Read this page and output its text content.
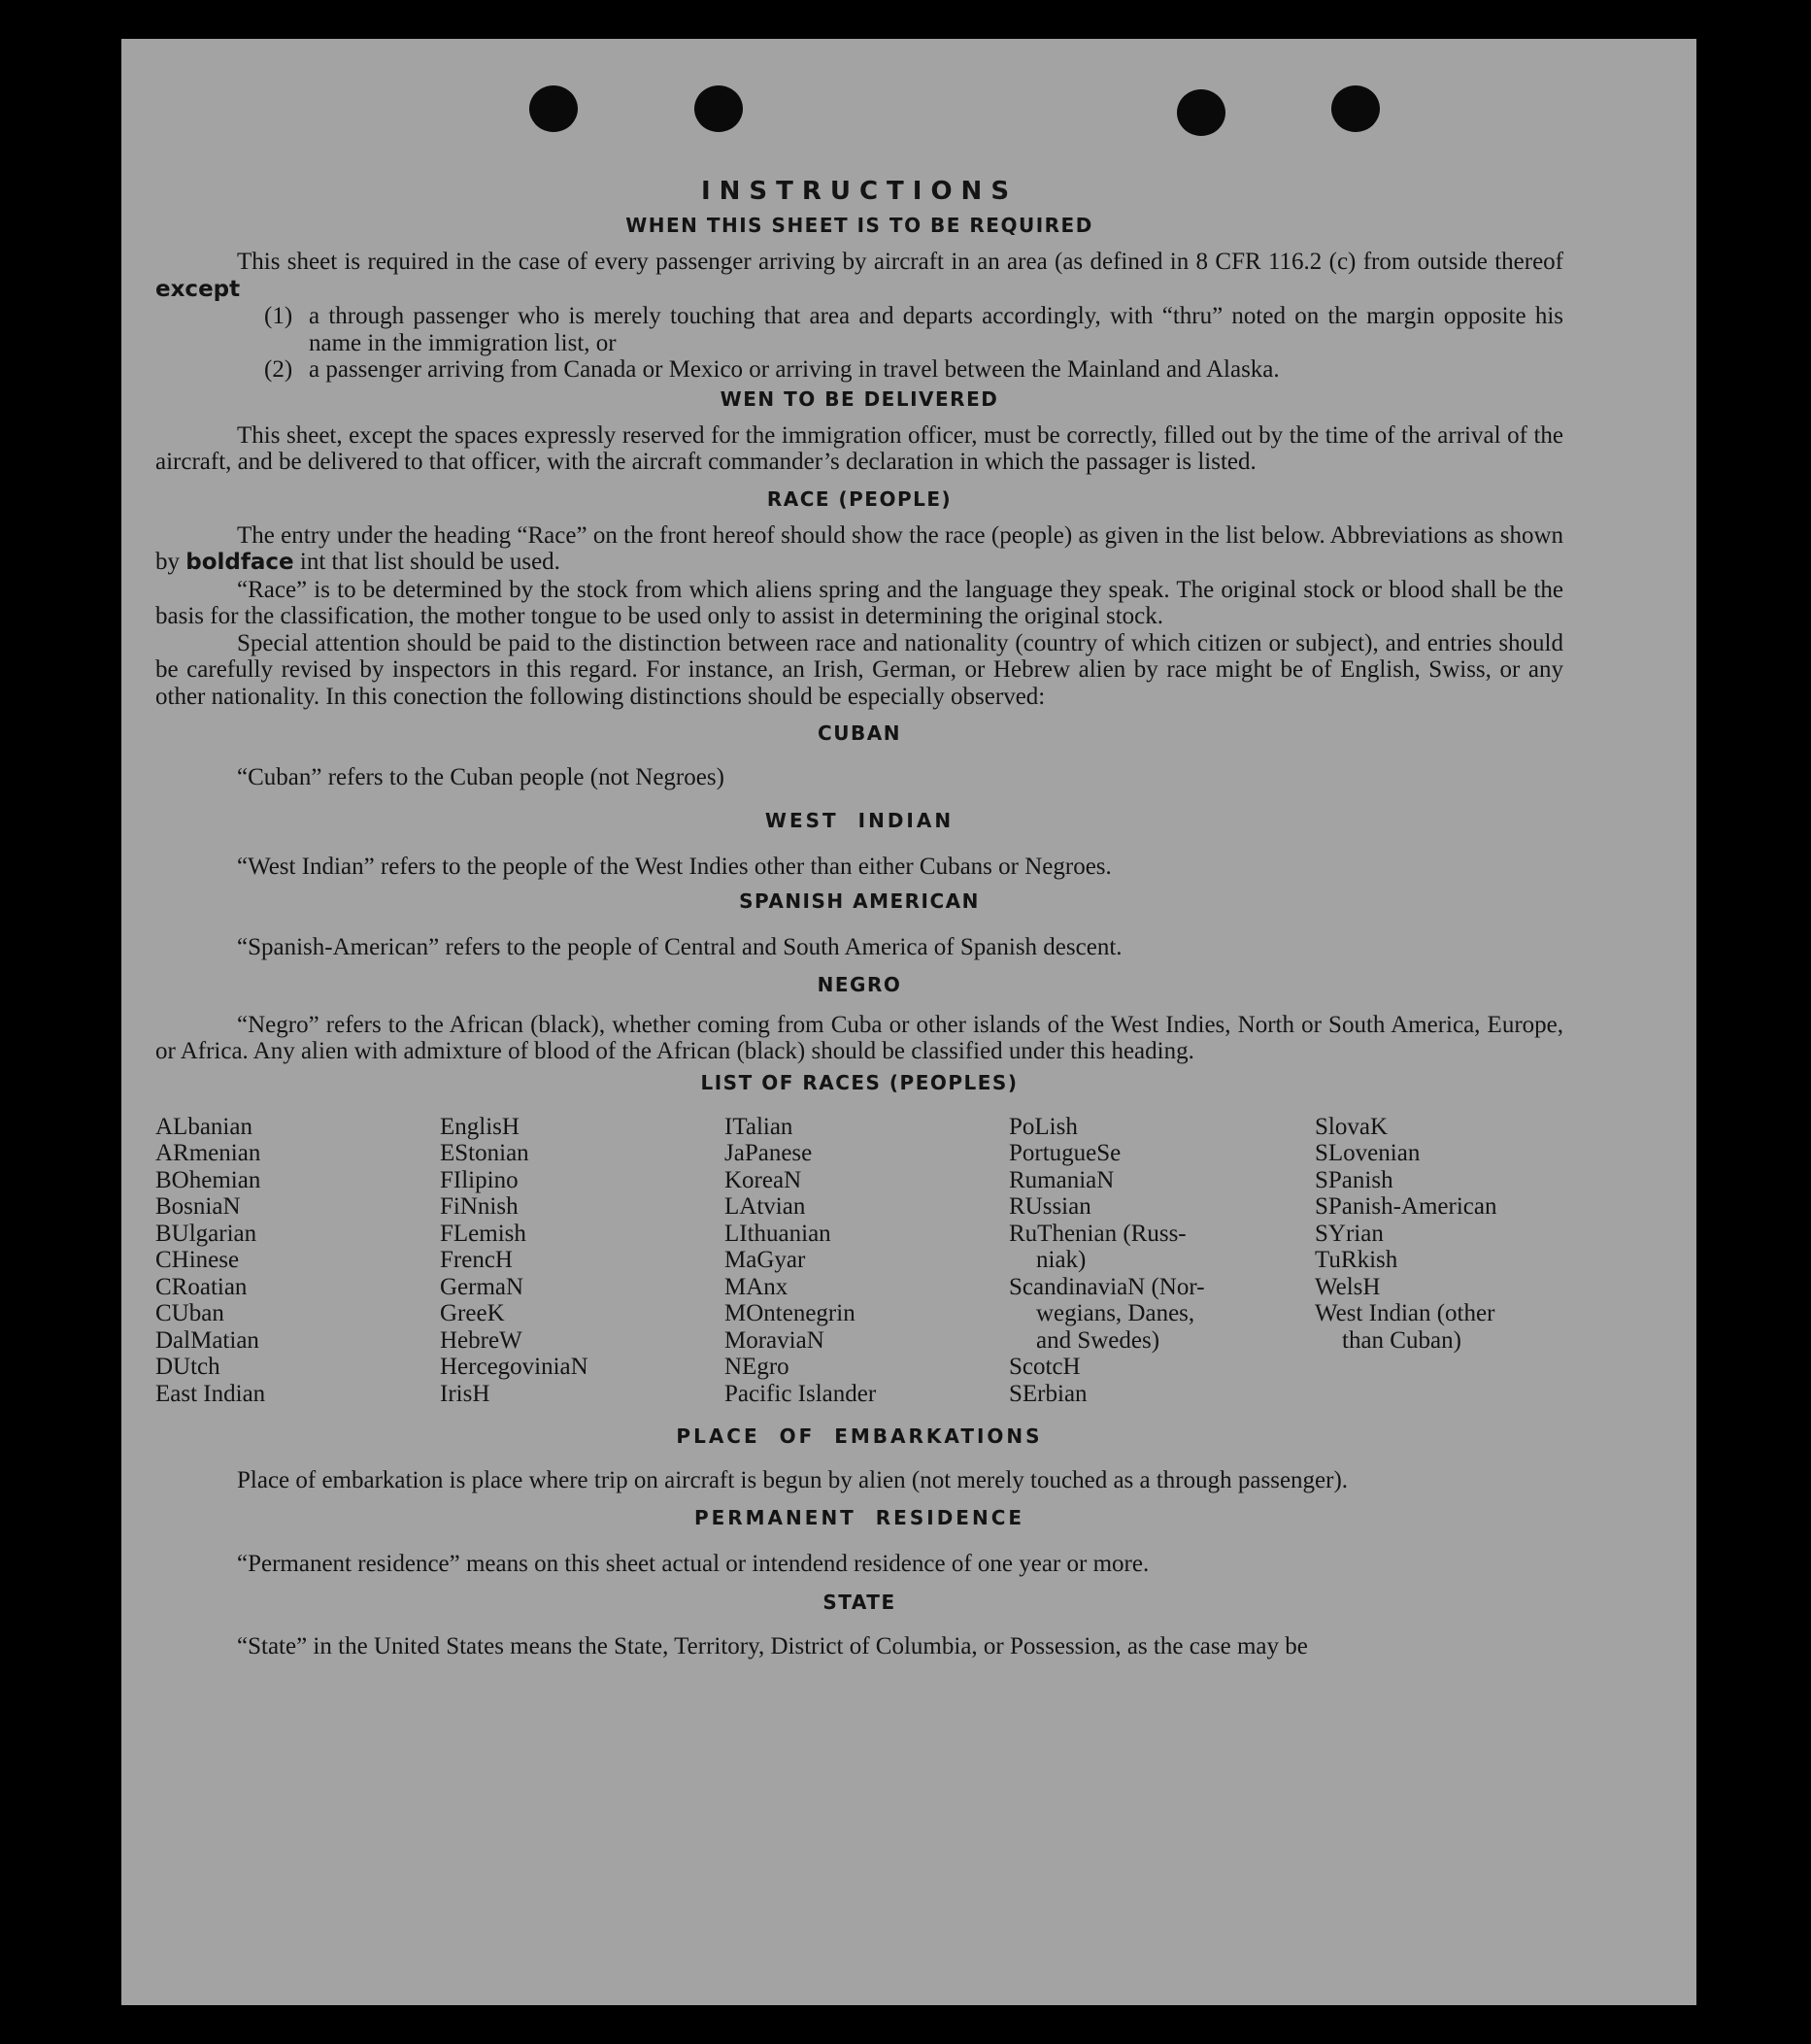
INSTRUCTIONS
WHEN THIS SHEET IS TO BE REQUIRED

This sheet is required in the case of every passenger arriving by aircraft in an area (as defined in 8 CFR 116.2 (c) from outside thereof except

(1) a through passenger who is merely touching that area and departs accordingly, with “thru” noted on the margin opposite his name in the immigration list, or
(2) a passenger arriving from Canada or Mexico or arriving in travel between the Mainland and Alaska.
WEN TO BE DELIVERED

This sheet, except the spaces expressly reserved for the immigration officer, must be correctly, filled out by the time of the arrival of the aircraft, and be delivered to that officer, with the aircraft commander’s declaration in which the passager is listed.

RACE (PEOPLE)

The entry under the heading “Race” on the front hereof should show the race (people) as given in the list below. Abbreviations as shown by boldface int that list should be used.

“Race” is to be determined by the stock from which aliens spring and the language they speak. The original stock or blood shall be the basis for the classification, the mother tongue to be used only to assist in determining the original stock.

Special attention should be paid to the distinction between race and nationality (country of which citizen or subject), and entries should be carefully revised by inspectors in this regard. For instance, an Irish, German, or Hebrew alien by race might be of English, Swiss, or any other nationality. In this conection the following distinctions should be especially observed:

CUBAN
“Cuban” refers to the Cuban people (not Negroes)
WEST INDIAN
“West Indian” refers to the people of the West Indies other than either Cubans or Negroes.
SPANISH AMERICAN
“Spanish-American” refers to the people of Central and South America of Spanish descent.
NEGRO

“Negro” refers to the African (black), whether coming from Cuba or other islands of the West Indies, North or South America, Europe, or Africa. Any alien with admixture of blood of the African (black) should be classified under this heading.

LIST OF RACES (PEOPLES)
ALbanian
ARmenian
BOhemian
BosniaN
BUlgarian
CHinese
CRoatian
CUban
DalMatian
DUtch
East Indian
EnglisH
EStonian
FIlipino
FiNnish
FLemish
FrencH
GermaN
GreeK
HebreW
HercegoviniaN
IrisH
ITalian
JaPanese
KoreaN
LAtvian
LIthuanian
MaGyar
MAnx
MOntenegrin
MoraviaN
NEgro
Pacific Islander
PoLish
PortugueSe
RumaniaN
RUssian
RuThenian (Russ-
niak)
ScandinaviaN (Nor-
wegians, Danes,
and Swedes)
ScotcH
SErbian
SlovaK
SLovenian
SPanish
SPanish-American
SYrian
TuRkish
WelsH
West Indian (other
than Cuban)
PLACE OF EMBARKATIONS

Place of embarkation is place where trip on aircraft is begun by alien (not merely touched as a through passenger).

PERMANENT RESIDENCE
“Permanent residence” means on this sheet actual or intendend residence of one year or more.
STATE

“State” in the United States means the State, Territory, District of Columbia, or Possession, as the case may be
